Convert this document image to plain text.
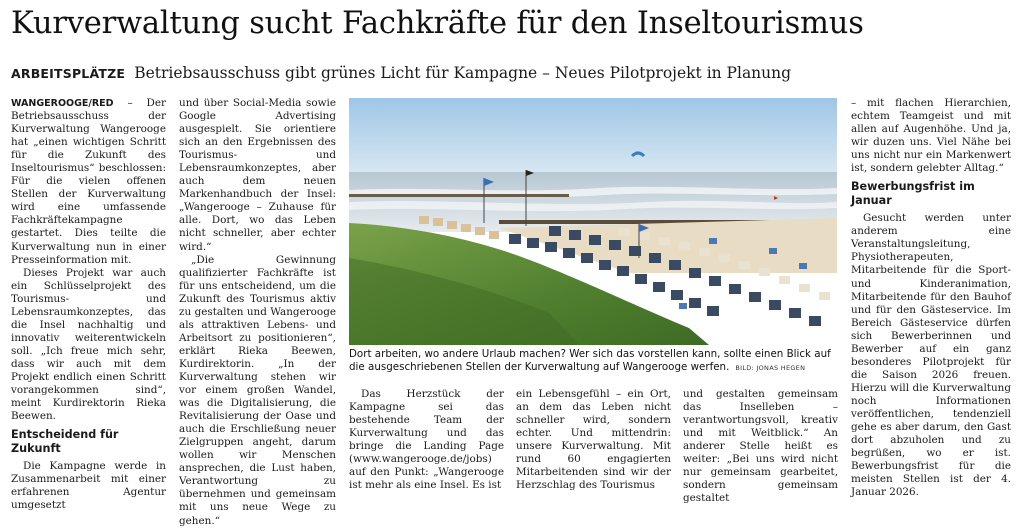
Kurverwaltung sucht Fachkräfte für den Inseltourismus
ARBEITSPLÄTZE Betriebsausschuss gibt grünes Licht für Kampagne – Neues Pilotprojekt in Planung

WANGEROOGE/RED – Der Betriebsausschuss der Kurverwaltung Wangerooge hat „einen wichtigen Schritt für die Zukunft des Inseltourismus“ beschlossen: Für die vielen offenen Stellen der Kurverwaltung wird eine umfassende Fachkräftekampagne gestartet. Dies teilte die Kurverwaltung nun in einer Presseinformation mit.

Dieses Projekt war auch ein Schlüsselprojekt des Tourismus- und Lebensraumkonzeptes, das die Insel nachhaltig und innovativ weiterentwickeln soll. „Ich freue mich sehr, dass wir auch mit dem Projekt endlich einen Schritt vorangekommen sind“, meint Kurdirektorin Rieka Beewen.

Entscheidend für Zukunft

Die Kampagne werde in Zusammenarbeit mit einer erfahrenen Agentur umgesetzt

und über Social-Media sowie Google Advertising ausgespielt. Sie orientiere sich an den Ergebnissen des Tourismus- und Lebensraumkonzeptes, aber auch dem neuen Markenhandbuch der Insel: „Wangerooge – Zuhause für alle. Dort, wo das Leben nicht schneller, aber echter wird.“

„Die Gewinnung qualifizierter Fachkräfte ist für uns entscheidend, um die Zukunft des Tourismus aktiv zu gestalten und Wangerooge als attraktiven Lebens- und Arbeitsort zu positionieren“, erklärt Rieka Beewen, Kurdirektorin. „In der Kurverwaltung stehen wir vor einem großen Wandel, was die Digitalisierung, die Revitalisierung der Oase und auch die Erschließung neuer Zielgruppen angeht, darum wollen wir Menschen ansprechen, die Lust haben, Verantwortung zu übernehmen und gemeinsam mit uns neue Wege zu gehen.“

Dort arbeiten, wo andere Urlaub machen? Wer sich das vorstellen kann, sollte einen Blick auf die ausgeschriebenen Stellen der Kurverwaltung auf Wangerooge werfen. BILD: JONAS HEGEN

Das Herzstück der Kampagne sei das bestehende Team der Kurverwaltung und das bringe die Landing Page (www.wangerooge.de/jobs) auf den Punkt: „Wangerooge ist mehr als eine Insel. Es ist

ein Lebensgefühl – ein Ort, an dem das Leben nicht schneller wird, sondern echter. Und mittendrin: unsere Kurverwaltung. Mit rund 60 engagierten Mitarbeitenden sind wir der Herzschlag des Tourismus

und gestalten gemeinsam das Inselleben – verantwortungsvoll, kreativ und mit Weitblick.“ An anderer Stelle heißt es weiter: „Bei uns wird nicht nur gemeinsam gearbeitet, sondern gemeinsam gestaltet

– mit flachen Hierarchien, echtem Teamgeist und mit allen auf Augenhöhe. Und ja, wir duzen uns. Viel Nähe bei uns nicht nur ein Markenwert ist, sondern gelebter Alltag.“

Bewerbungsfrist im Januar

Gesucht werden unter anderem eine Veranstaltungsleitung, Physiotherapeuten, Mitarbeitende für die Sport- und Kinderanimation, Mitarbeitende für den Bauhof und für den Gästeservice. Im Bereich Gästeservice dürfen sich Bewerberinnen und Bewerber auf ein ganz besonderes Pilotprojekt für die Saison 2026 freuen. Hierzu will die Kurverwaltung noch Informationen veröffentlichen, tendenziell gehe es aber darum, den Gast dort abzuholen und zu begrüßen, wo er ist. Bewerbungsfrist für die meisten Stellen ist der 4. Januar 2026.
